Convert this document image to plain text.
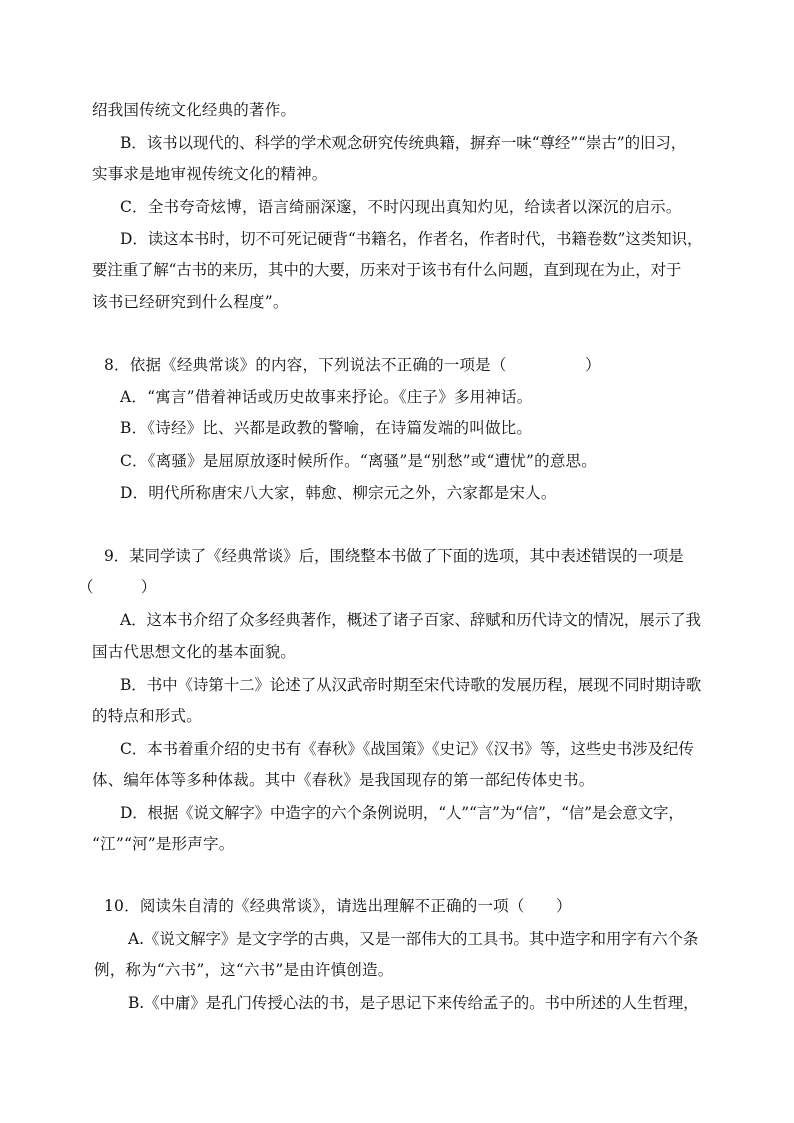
绍我国传统文化经典的著作。
B．该书以现代的、科学的学术观念研究传统典籍，摒弃一味“尊经”“崇古”的旧习，
实事求是地审视传统文化的精神。
C．全书夸奇炫博，语言绮丽深邃，不时闪现出真知灼见，给读者以深沉的启示。
D．读这本书时，切不可死记硬背“书籍名，作者名，作者时代，书籍卷数”这类知识，
要注重了解“古书的来历，其中的大要，历来对于该书有什么问题，直到现在为止，对于
该书已经研究到什么程度”。
8．依据《经典常谈》的内容，下列说法不正确的一项是（　　　　　）
A．“寓言”借着神话或历史故事来抒论。《庄子》多用神话。
B．《诗经》比、兴都是政教的警喻，在诗篇发端的叫做比。
C．《离骚》是屈原放逐时候所作。“离骚”是“别愁”或“遭忧”的意思。
D．明代所称唐宋八大家，韩愈、柳宗元之外，六家都是宋人。
9．某同学读了《经典常谈》后，围绕整本书做了下面的选项，其中表述错误的一项是
（　　　）
A．这本书介绍了众多经典著作，概述了诸子百家、辞赋和历代诗文的情况，展示了我
国古代思想文化的基本面貌。
B．书中《诗第十二》论述了从汉武帝时期至宋代诗歌的发展历程，展现不同时期诗歌
的特点和形式。
C．本书着重介绍的史书有《春秋》《战国策》《史记》《汉书》等，这些史书涉及纪传
体、编年体等多种体裁。其中《春秋》是我国现存的第一部纪传体史书。
D．根据《说文解字》中造字的六个条例说明，“人”“言”为“信”，“信”是会意文字，
“江”“河”是形声字。
10．阅读朱自清的《经典常谈》，请选出理解不正确的一项（　　）
A.《说文解字》是文字学的古典，又是一部伟大的工具书。其中造字和用字有六个条
例，称为“六书”，这“六书”是由许慎创造。
B.《中庸》是孔门传授心法的书，是子思记下来传给孟子的。书中所述的人生哲理，
